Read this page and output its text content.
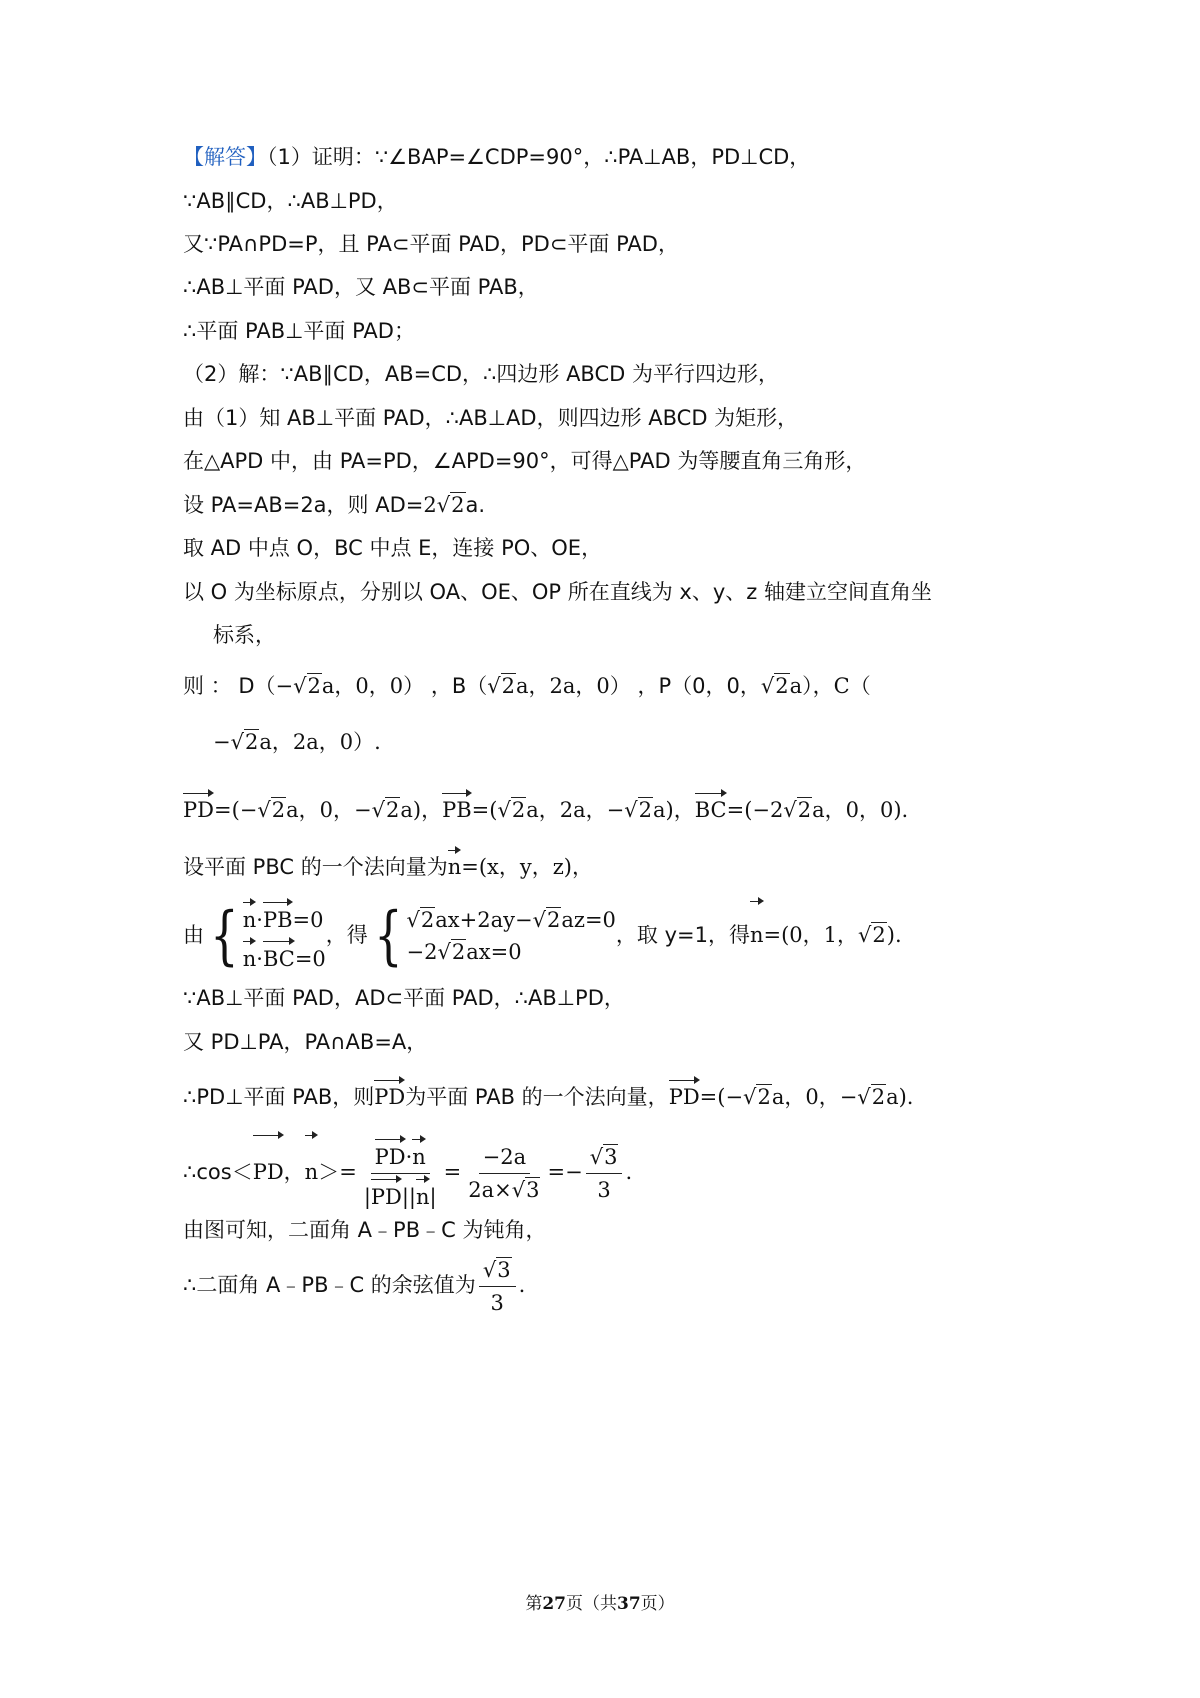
【解答】（1）证明：∵∠BAP=∠CDP=90°，∴PA⊥AB，PD⊥CD，
∵AB∥CD，∴AB⊥PD，
又∵PA∩PD=P，且 PA⊂平面 PAD，PD⊂平面 PAD，
∴AB⊥平面 PAD，又 AB⊂平面 PAB，
∴平面 PAB⊥平面 PAD；
（2）解：∵AB∥CD，AB=CD，∴四边形 ABCD 为平行四边形，
由（1）知 AB⊥平面 PAD，∴AB⊥AD，则四边形 ABCD 为矩形，
在△APD 中，由 PA=PD，∠APD=90°，可得△PAD 为等腰直角三角形，
设 PA=AB=2a，则 AD=2√2a.
取 AD 中点 O，BC 中点 E，连接 PO、OE，
以 O 为坐标原点，分别以 OA、OE、OP 所在直线为 x、y、z 轴建立空间直角坐
标系，
则 ： D（−√2a，0，0） ，B（√2a，2a，0） ，P（0，0，√2a），C（
−√2a，2a，0）.
PD=(−√2a，0，−√2a)，PB=(√2a，2a，−√2a)，BC=(−2√2a，0，0).
设平面 PBC 的一个法向量为n=(x，y，z)，
由 { n·PB=0
n·BC=0
，得 { √2ax+2ay−√2az=0
−2√2ax=0
，取 y=1，得n=(0，1，√2).
∵AB⊥平面 PAD，AD⊂平面 PAD，∴AB⊥PD，
又 PD⊥PA，PA∩AB=A，
∴PD⊥平面 PAB，则PD为平面 PAB 的一个法向量，PD=(−√2a，0，−√2a).
∴cos＜PD，$n>= \frac{PD\cdot n}{|PD||n|} = \frac{-2a}{2a\times√3} =- \frac{√3}{3}$ .
由图可知，二面角 A﹣PB﹣C 为钝角，
∴二面角 A﹣PB﹣C 的余弦值为 $\frac{√3}{3}$ .
第27页（共37页）
